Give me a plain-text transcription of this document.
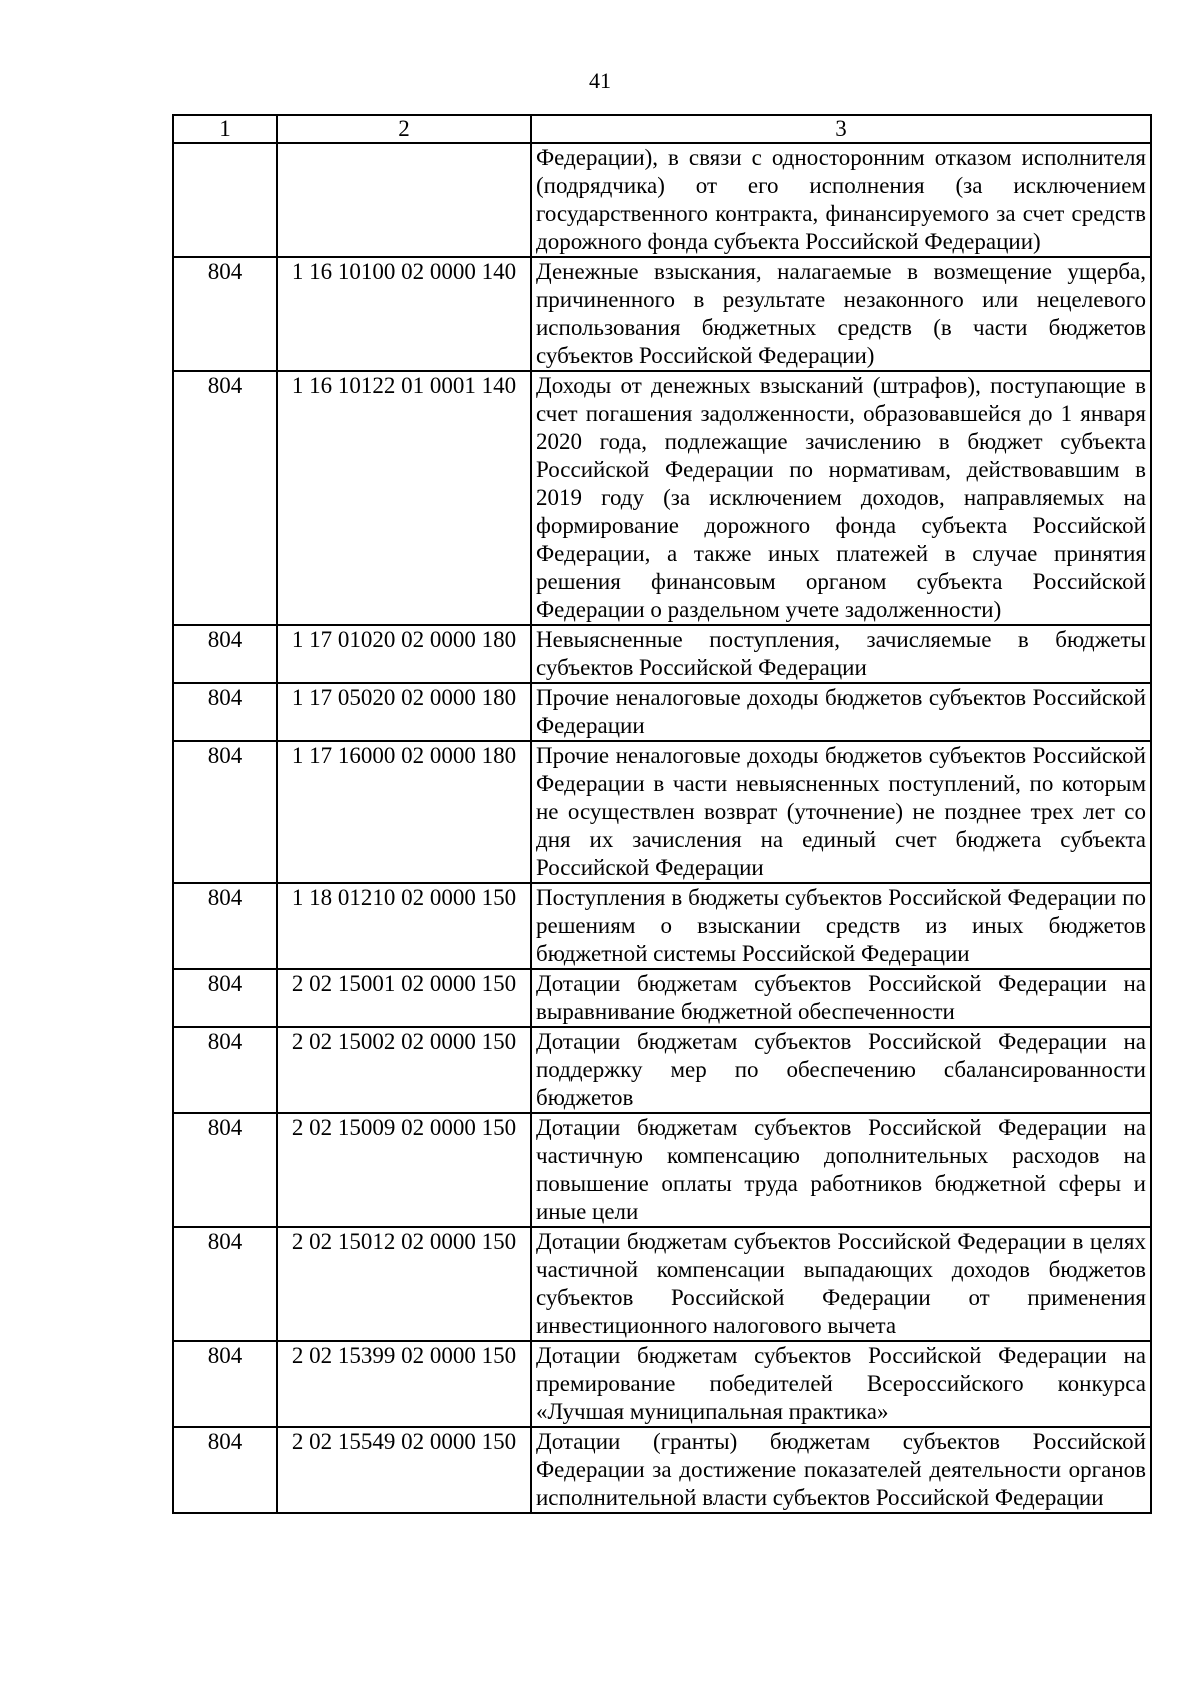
41
1	2	3
		Федерации), в связи с односторонним отказом исполнителя (подрядчика) от его исполнения (за исключением государственного контракта, финансируемого за счет средств дорожного фонда субъекта Российской Федерации)
804	1 16 10100 02 0000 140	Денежные взыскания, налагаемые в возмещение ущерба, причиненного в результате незаконного или нецелевого использования бюджетных средств (в части бюджетов субъектов Российской Федерации)
804	1 16 10122 01 0001 140	Доходы от денежных взысканий (штрафов), поступающие в счет погашения задолженности, образовавшейся до 1 января 2020 года, подлежащие зачислению в бюджет субъекта Российской Федерации по нормативам, действовавшим в 2019 году (за исключением доходов, направляемых на формирование дорожного фонда субъекта Российской Федерации, а также иных платежей в случае принятия решения финансовым органом субъекта Российской Федерации о раздельном учете задолженности)
804	1 17 01020 02 0000 180	Невыясненные поступления, зачисляемые в бюджеты субъектов Российской Федерации
804	1 17 05020 02 0000 180	Прочие неналоговые доходы бюджетов субъектов Российской Федерации
804	1 17 16000 02 0000 180	Прочие неналоговые доходы бюджетов субъектов Российской Федерации в части невыясненных поступлений, по которым не осуществлен возврат (уточнение) не позднее трех лет со дня их зачисления на единый счет бюджета субъекта Российской Федерации
804	1 18 01210 02 0000 150	Поступления в бюджеты субъектов Российской Федерации по решениям о взыскании средств из иных бюджетов бюджетной системы Российской Федерации
804	2 02 15001 02 0000 150	Дотации бюджетам субъектов Российской Федерации на выравнивание бюджетной обеспеченности
804	2 02 15002 02 0000 150	Дотации бюджетам субъектов Российской Федерации на поддержку мер по обеспечению сбалансированности бюджетов
804	2 02 15009 02 0000 150	Дотации бюджетам субъектов Российской Федерации на частичную компенсацию дополнительных расходов на повышение оплаты труда работников бюджетной сферы и иные цели
804	2 02 15012 02 0000 150	Дотации бюджетам субъектов Российской Федерации в целях частичной компенсации выпадающих доходов бюджетов субъектов Российской Федерации от применения инвестиционного налогового вычета
804	2 02 15399 02 0000 150	Дотации бюджетам субъектов Российской Федерации на премирование победителей Всероссийского конкурса «Лучшая муниципальная практика»
804	2 02 15549 02 0000 150	Дотации (гранты) бюджетам субъектов Российской Федерации за достижение показателей деятельности органов исполнительной власти субъектов Российской Федерации
